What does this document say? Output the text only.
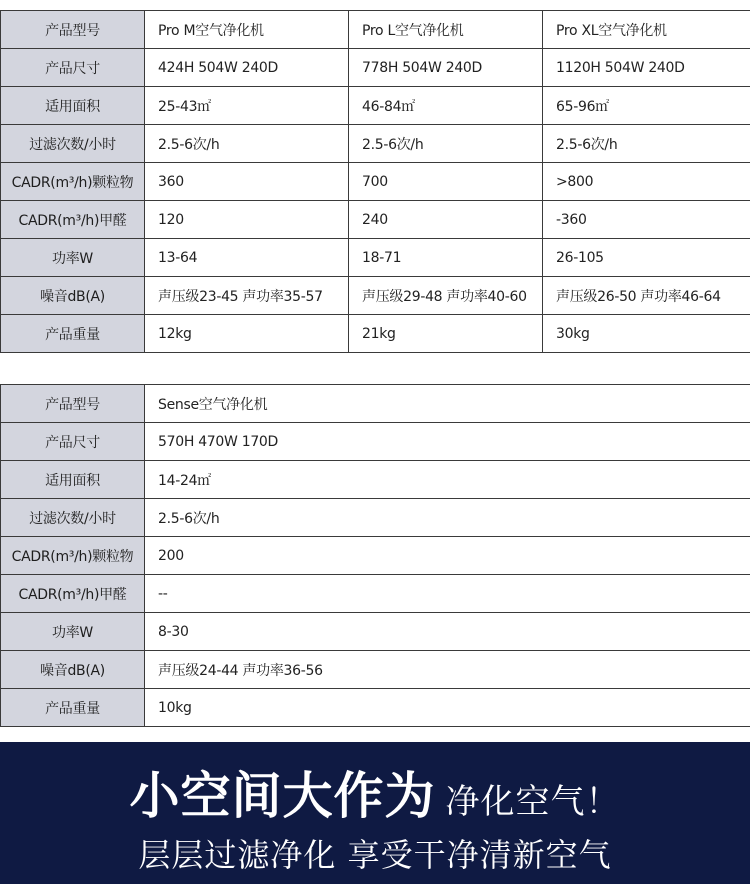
产品型号	Pro M空气净化机	Pro L空气净化机	Pro XL空气净化机
产品尺寸	424H 504W 240D	778H 504W 240D	1120H 504W 240D
适用面积	25-43㎡	46-84㎡	65-96㎡
过滤次数/小时	2.5-6次/h	2.5-6次/h	2.5-6次/h
CADR(m³/h)颗粒物	360	700	>800
CADR(m³/h)甲醛	120	240	-360
功率W	13-64	18-71	26-105
噪音dB(A)	声压级23-45 声功率35-57	声压级29-48 声功率40-60	声压级26-50 声功率46-64
产品重量	12kg	21kg	30kg
产品型号	Sense空气净化机
产品尺寸	570H 470W 170D
适用面积	14-24㎡
过滤次数/小时	2.5-6次/h
CADR(m³/h)颗粒物	200
CADR(m³/h)甲醛	--
功率W	8-30
噪音dB(A)	声压级24-44 声功率36-56
产品重量	10kg
小空间大作为 净化空气！
层层过滤净化 享受干净清新空气
